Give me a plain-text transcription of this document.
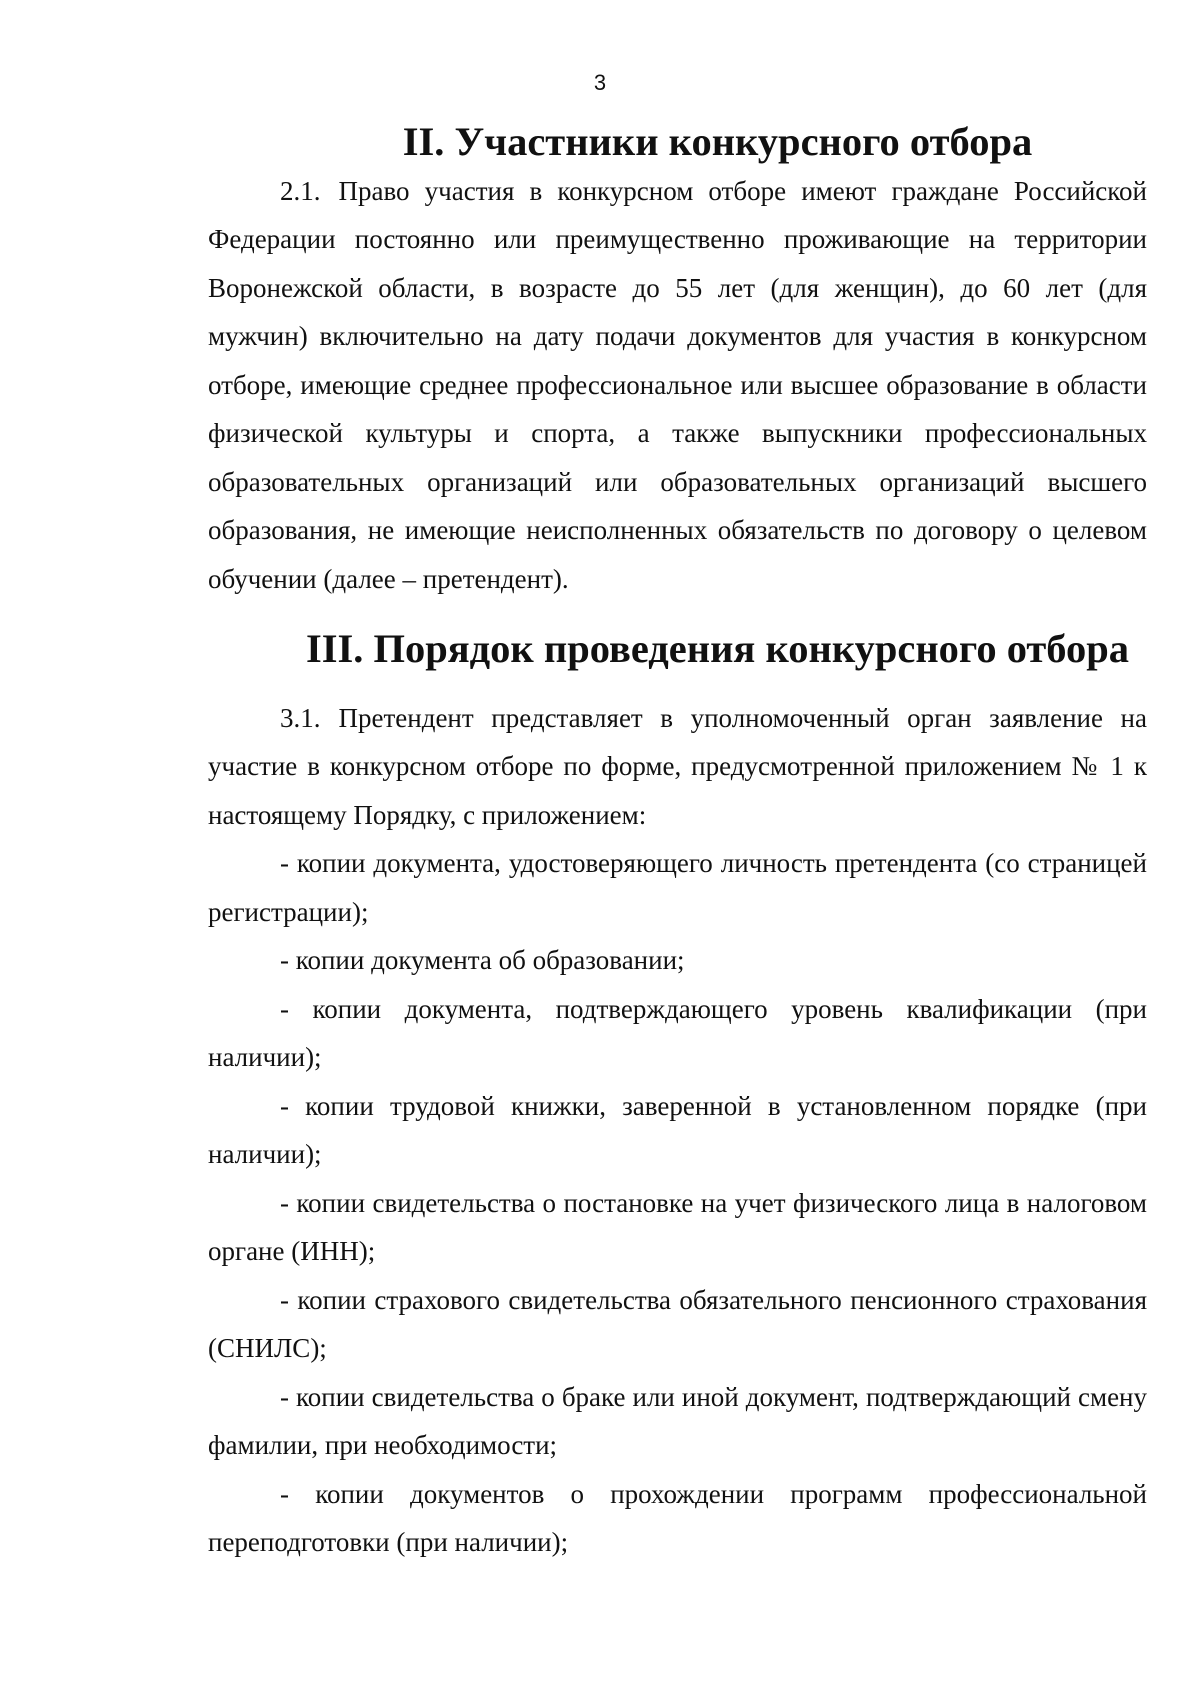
3
II. Участники конкурсного отбора

2.1. Право участия в конкурсном отборе имеют граждане Российской Федерации постоянно или преимущественно проживающие на территории Воронежской области, в возрасте до 55 лет (для женщин), до 60 лет (для мужчин) включительно на дату подачи документов для участия в конкурсном отборе, имеющие среднее профессиональное или высшее образование в области физической культуры и спорта, а также выпускники профессиональных образовательных организаций или образовательных организаций высшего образования, не имеющие неисполненных обязательств по договору о целевом обучении (далее – претендент).

III. Порядок проведения конкурсного отбора

3.1. Претендент представляет в уполномоченный орган заявление на участие в конкурсном отборе по форме, предусмотренной приложением № 1 к настоящему Порядку, с приложением:

- копии документа, удостоверяющего личность претендента (со страницей регистрации);

- копии документа об образовании;

- копии документа, подтверждающего уровень квалификации (при наличии);

- копии трудовой книжки, заверенной в установленном порядке (при наличии);

- копии свидетельства о постановке на учет физического лица в налоговом органе (ИНН);

- копии страхового свидетельства обязательного пенсионного страхования (СНИЛС);

- копии свидетельства о браке или иной документ, подтверждающий смену фамилии, при необходимости;

- копии документов о прохождении программ профессиональной переподготовки (при наличии);
